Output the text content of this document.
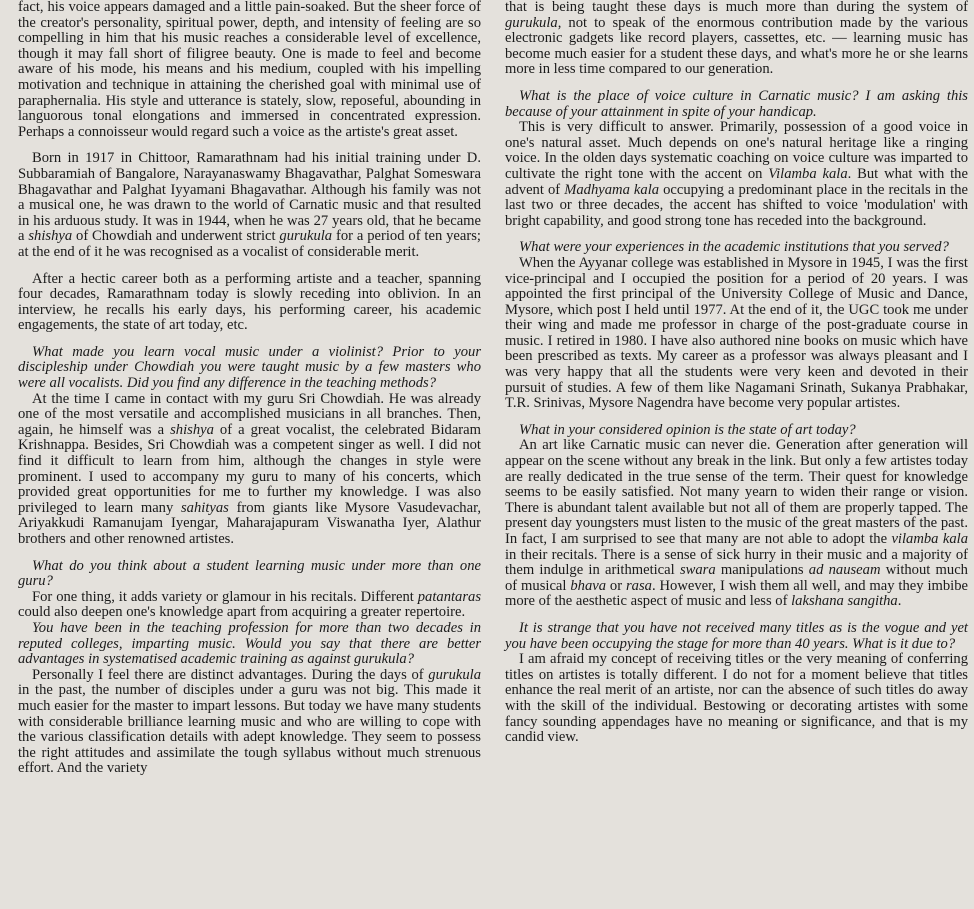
fact, his voice appears damaged and a little pain-soaked. But the sheer force of the creator's personality, spiritual power, depth, and intensity of feeling are so compelling in him that his music reaches a considerable level of excellence, though it may fall short of filigree beauty. One is made to feel and become aware of his mode, his means and his medium, coupled with his impelling motivation and technique in attaining the cherished goal with minimal use of paraphernalia. His style and utterance is stately, slow, reposeful, abounding in languorous tonal elongations and immersed in concentrated expression. Perhaps a connoisseur would regard such a voice as the artiste's great asset.

Born in 1917 in Chittoor, Ramarathnam had his initial training under D. Subbaramiah of Bangalore, Narayanaswamy Bhagavathar, Palghat Someswara Bhagavathar and Palghat Iyyamani Bhagavathar. Although his family was not a musical one, he was drawn to the world of Carnatic music and that resulted in his arduous study. It was in 1944, when he was 27 years old, that he became a shishya of Chowdiah and underwent strict gurukula for a period of ten years; at the end of it he was recognised as a vocalist of considerable merit.

After a hectic career both as a performing artiste and a teacher, spanning four decades, Ramarathnam today is slowly receding into oblivion. In an interview, he recalls his early days, his performing career, his academic engagements, the state of art today, etc.

What made you learn vocal music under a violinist? Prior to your discipleship under Chowdiah you were taught music by a few masters who were all vocalists. Did you find any difference in the teaching methods?

At the time I came in contact with my guru Sri Chowdiah. He was already one of the most versatile and accomplished musicians in all branches. Then, again, he himself was a shishya of a great vocalist, the celebrated Bidaram Krishnappa. Besides, Sri Chowdiah was a competent singer as well. I did not find it difficult to learn from him, although the changes in style were prominent. I used to accompany my guru to many of his concerts, which provided great opportunities for me to further my knowledge. I was also privileged to learn many sahityas from giants like Mysore Vasudevachar, Ariyakkudi Ramanujam Iyengar, Maharajapuram Viswanatha Iyer, Alathur brothers and other renowned artistes.

What do you think about a student learning music under more than one guru?

For one thing, it adds variety or glamour in his recitals. Different patantaras could also deepen one's knowledge apart from acquiring a greater repertoire.

You have been in the teaching profession for more than two decades in reputed colleges, imparting music. Would you say that there are better advantages in systematised academic training as against gurukula?

Personally I feel there are distinct advantages. During the days of gurukula in the past, the number of disciples under a guru was not big. This made it much easier for the master to impart lessons. But today we have many students with considerable brilliance learning music and who are willing to cope with the various classification details with adept knowledge. They seem to possess the right attitudes and assimilate the tough syllabus without much strenuous effort. And the variety

that is being taught these days is much more than during the system of gurukula, not to speak of the enormous contribution made by the various electronic gadgets like record players, cassettes, etc. — learning music has become much easier for a student these days, and what's more he or she learns more in less time compared to our generation.

What is the place of voice culture in Carnatic music? I am asking this because of your attainment in spite of your handicap.

This is very difficult to answer. Primarily, possession of a good voice in one's natural asset. Much depends on one's natural heritage like a ringing voice. In the olden days systematic coaching on voice culture was imparted to cultivate the right tone with the accent on Vilamba kala. But what with the advent of Madhyama kala occupying a predominant place in the recitals in the last two or three decades, the accent has shifted to voice 'modulation' with bright capability, and good strong tone has receded into the background.

What were your experiences in the academic institutions that you served?

When the Ayyanar college was established in Mysore in 1945, I was the first vice-principal and I occupied the position for a period of 20 years. I was appointed the first principal of the University College of Music and Dance, Mysore, which post I held until 1977. At the end of it, the UGC took me under their wing and made me professor in charge of the post-graduate course in music. I retired in 1980. I have also authored nine books on music which have been prescribed as texts. My career as a professor was always pleasant and I was very happy that all the students were very keen and devoted in their pursuit of studies. A few of them like Nagamani Srinath, Sukanya Prabhakar, T.R. Srinivas, Mysore Nagendra have become very popular artistes.

What in your considered opinion is the state of art today?

An art like Carnatic music can never die. Generation after generation will appear on the scene without any break in the link. But only a few artistes today are really dedicated in the true sense of the term. Their quest for knowledge seems to be easily satisfied. Not many yearn to widen their range or vision. There is abundant talent available but not all of them are properly tapped. The present day youngsters must listen to the music of the great masters of the past. In fact, I am surprised to see that many are not able to adopt the vilamba kala in their recitals. There is a sense of sick hurry in their music and a majority of them indulge in arithmetical swara manipulations ad nauseam without much of musical bhava or rasa. However, I wish them all well, and may they imbibe more of the aesthetic aspect of music and less of lakshana sangitha.

It is strange that you have not received many titles as is the vogue and yet you have been occupying the stage for more than 40 years. What is it due to?

I am afraid my concept of receiving titles or the very meaning of conferring titles on artistes is totally different. I do not for a moment believe that titles enhance the real merit of an artiste, nor can the absence of such titles do away with the skill of the individual. Bestowing or decorating artistes with some fancy sounding appendages have no meaning or significance, and that is my candid view.
